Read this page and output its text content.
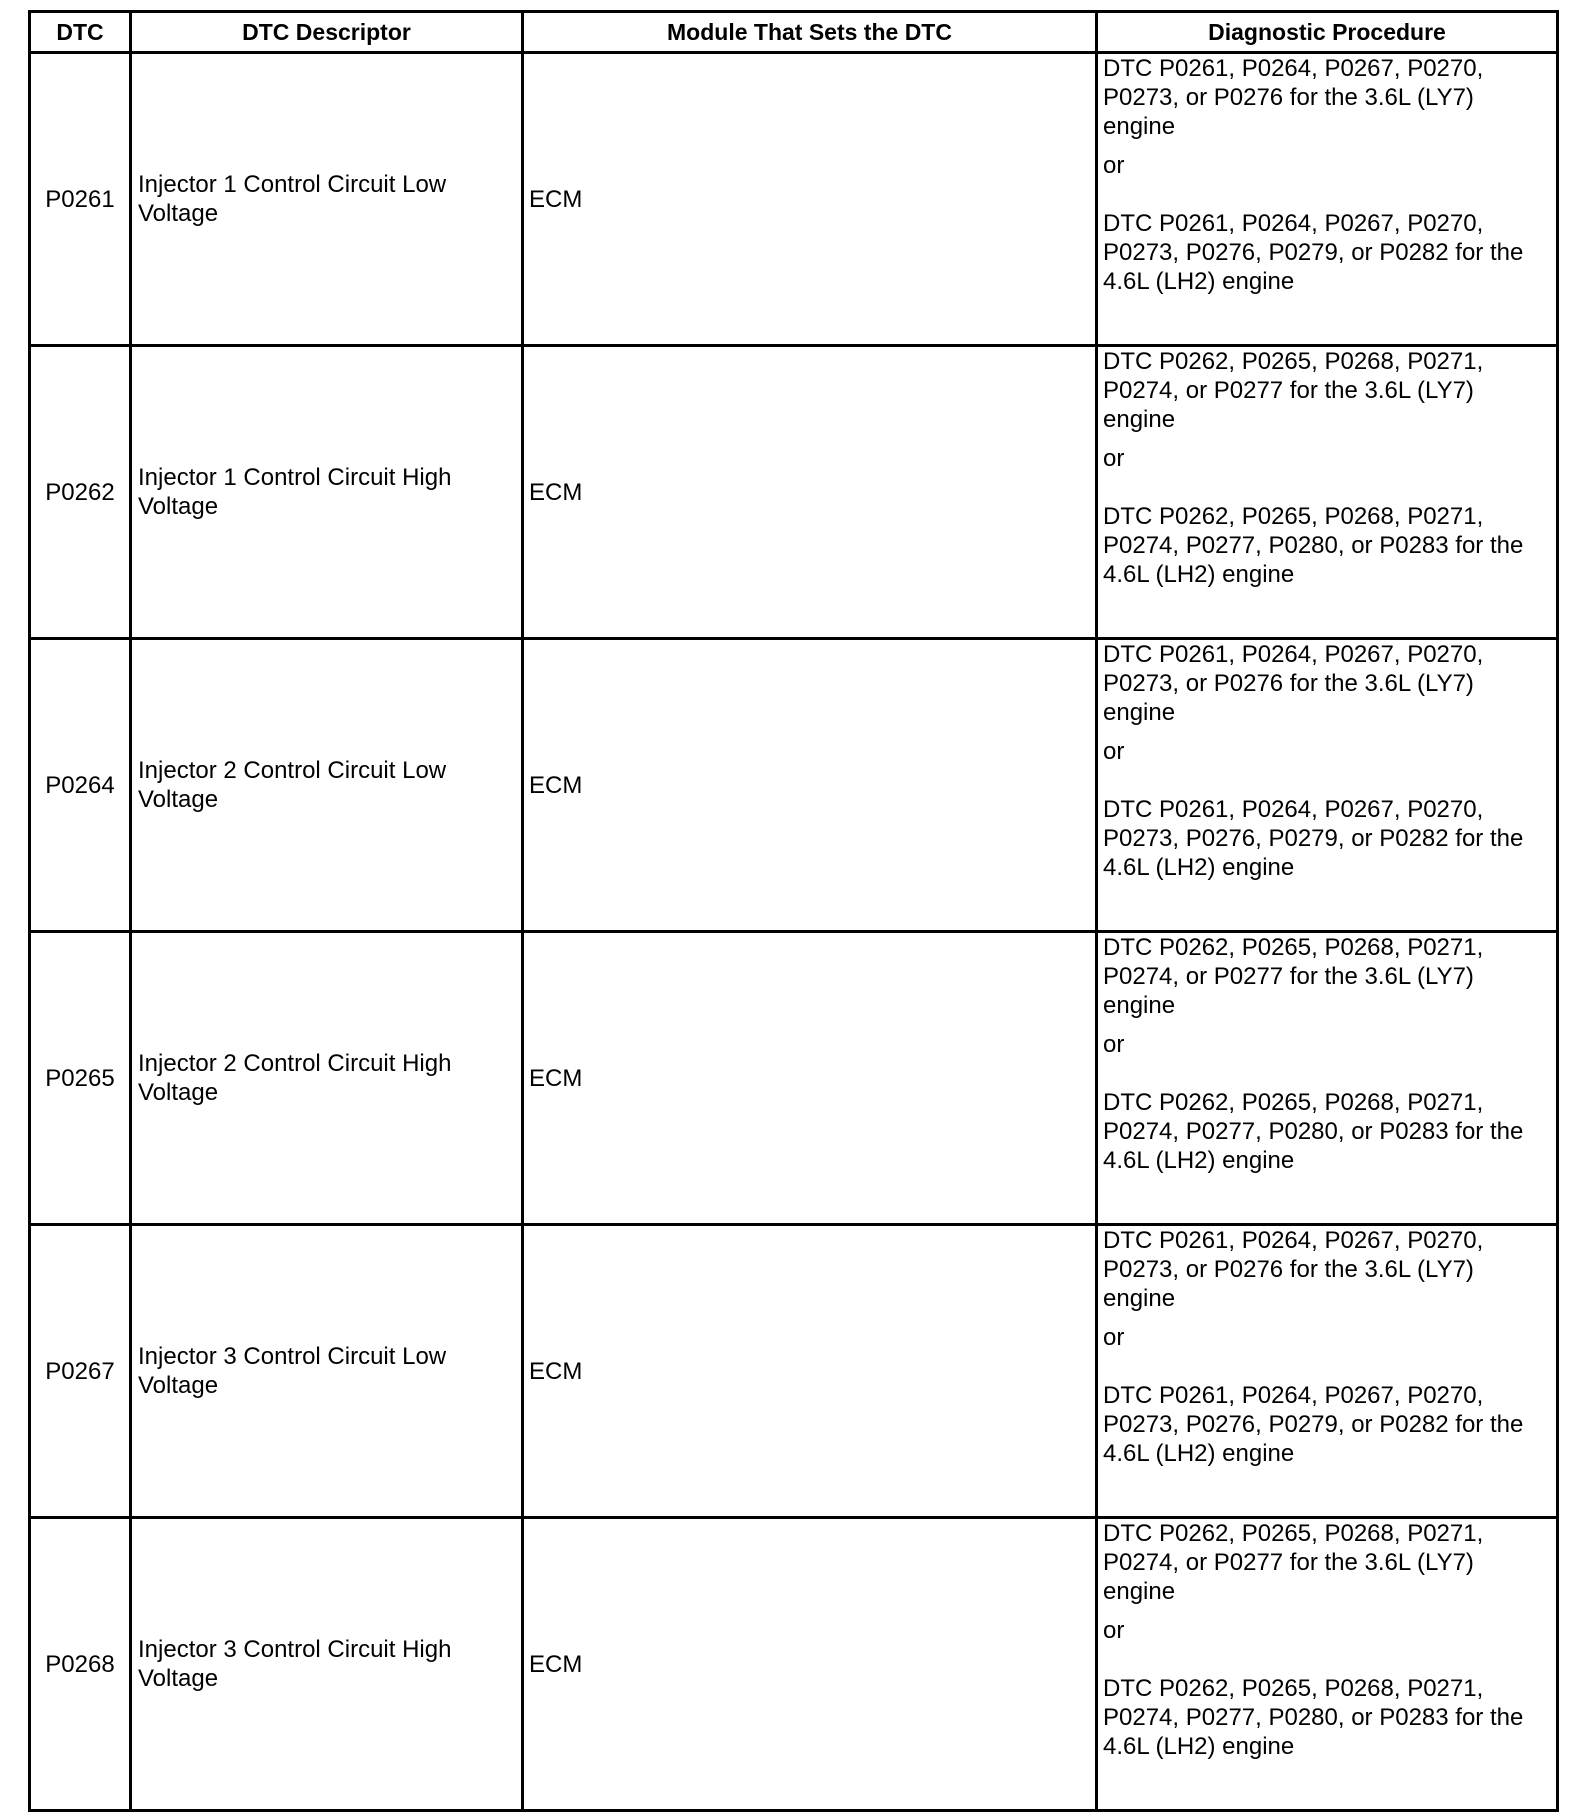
DTC	DTC Descriptor	Module That Sets the DTC	Diagnostic Procedure
P0261	Injector 1 Control Circuit Low Voltage	ECM	DTC P0261, P0264, P0267, P0270, P0273, or P0276 for the 3.6L (LY7) engine
or
DTC P0261, P0264, P0267, P0270, P0273, P0276, P0279, or P0282 for the 4.6L (LH2) engine

P0262	Injector 1 Control Circuit High Voltage	ECM	DTC P0262, P0265, P0268, P0271, P0274, or P0277 for the 3.6L (LY7) engine
or
DTC P0262, P0265, P0268, P0271, P0274, P0277, P0280, or P0283 for the 4.6L (LH2) engine

P0264	Injector 2 Control Circuit Low Voltage	ECM	DTC P0261, P0264, P0267, P0270, P0273, or P0276 for the 3.6L (LY7) engine
or
DTC P0261, P0264, P0267, P0270, P0273, P0276, P0279, or P0282 for the 4.6L (LH2) engine

P0265	Injector 2 Control Circuit High Voltage	ECM	DTC P0262, P0265, P0268, P0271, P0274, or P0277 for the 3.6L (LY7) engine
or
DTC P0262, P0265, P0268, P0271, P0274, P0277, P0280, or P0283 for the 4.6L (LH2) engine

P0267	Injector 3 Control Circuit Low Voltage	ECM	DTC P0261, P0264, P0267, P0270, P0273, or P0276 for the 3.6L (LY7) engine
or
DTC P0261, P0264, P0267, P0270, P0273, P0276, P0279, or P0282 for the 4.6L (LH2) engine

P0268	Injector 3 Control Circuit High Voltage	ECM	DTC P0262, P0265, P0268, P0271, P0274, or P0277 for the 3.6L (LY7) engine
or
DTC P0262, P0265, P0268, P0271, P0274, P0277, P0280, or P0283 for the 4.6L (LH2) engine
